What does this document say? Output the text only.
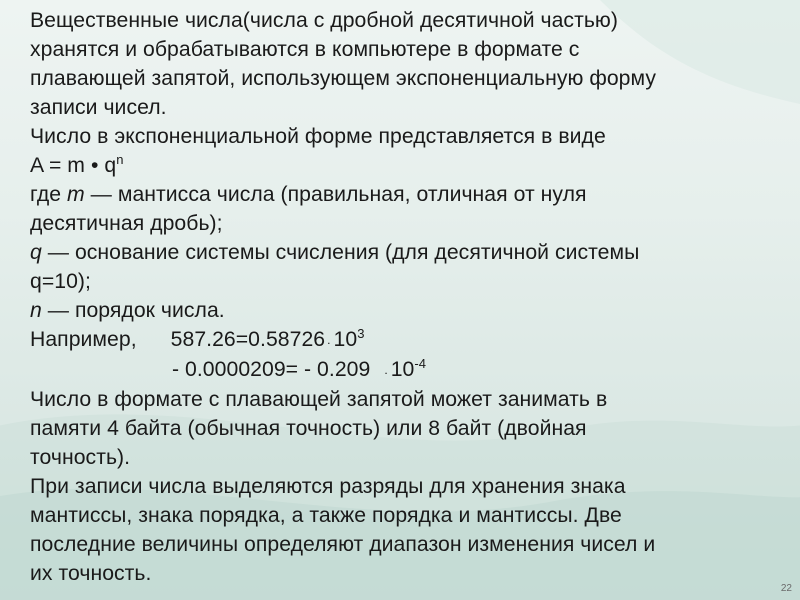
Вещественные числа(числа с дробной десятичной частью)
хранятся и обрабатываются в компьютере в формате с
плавающей запятой, использующем экспоненциальную форму
записи чисел.
Число в экспоненциальной форме представляется в виде
A = m • $q^n$
где m — мантисса числа (правильная, отличная от нуля
десятичная дробь);
q — основание системы счисления (для десятичной системы
q=10);
n — порядок числа.
Например, 587.26=0.58726 . $10^3$
- 0.0000209= - 0.209 . $10^{-4}$
Число в формате с плавающей запятой может занимать в
памяти 4 байта (обычная точность) или 8 байт (двойная
точность).
При записи числа выделяются разряды для хранения знака
мантиссы, знака порядка, а также порядка и мантиссы. Две
последние величины определяют диапазон изменения чисел и
их точность.
22
